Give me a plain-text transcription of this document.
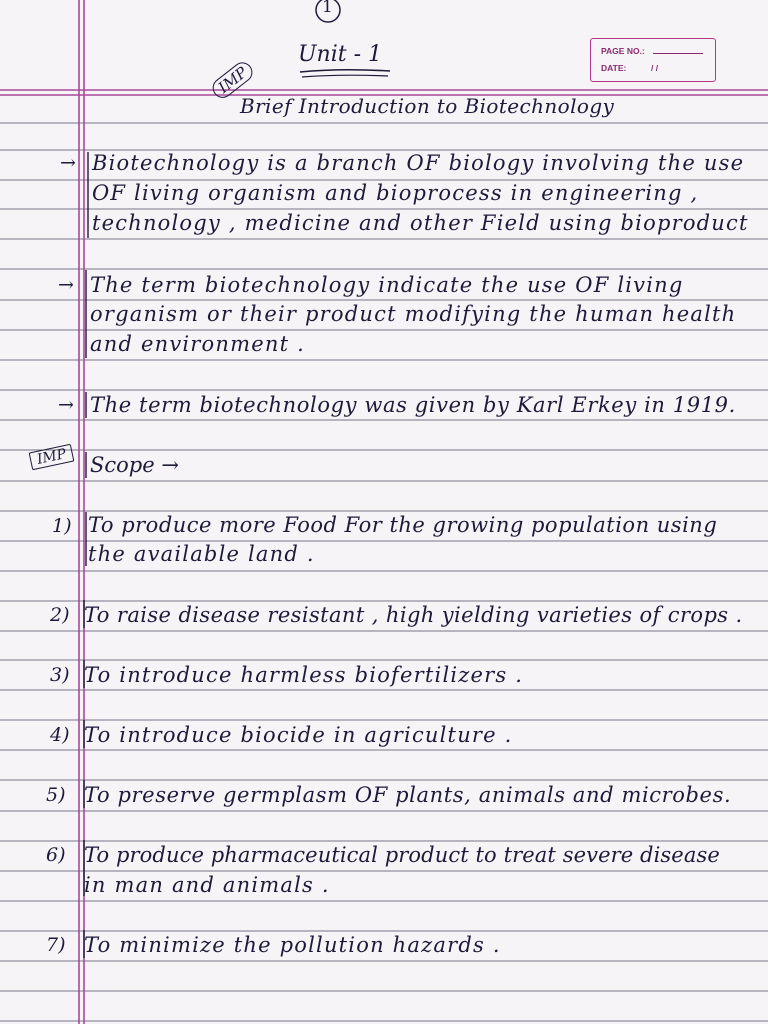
1
Unit - 1
IMP
Brief Introduction to Biotechnology
PAGE NO.:
DATE:	/ /
→ Biotechnology is a branch OF biology involving the use
OF living organism and bioprocess in engineering ,
technology , medicine and other Field using bioproduct
→ The term biotechnology indicate the use OF living
organism or their product modifying the human health
and environment .
→ The term biotechnology was given by Karl Erkey in 1919.
IMP	Scope →
1) To produce more Food For the growing population using
the available land .
2) To raise disease resistant , high yielding varieties of crops .
3) To introduce harmless biofertilizers .
4) To introduce biocide in agriculture .
5) To preserve germplasm OF plants, animals and microbes.
6) To produce pharmaceutical product to treat severe disease
in man and animals .
7) To minimize the pollution hazards .
